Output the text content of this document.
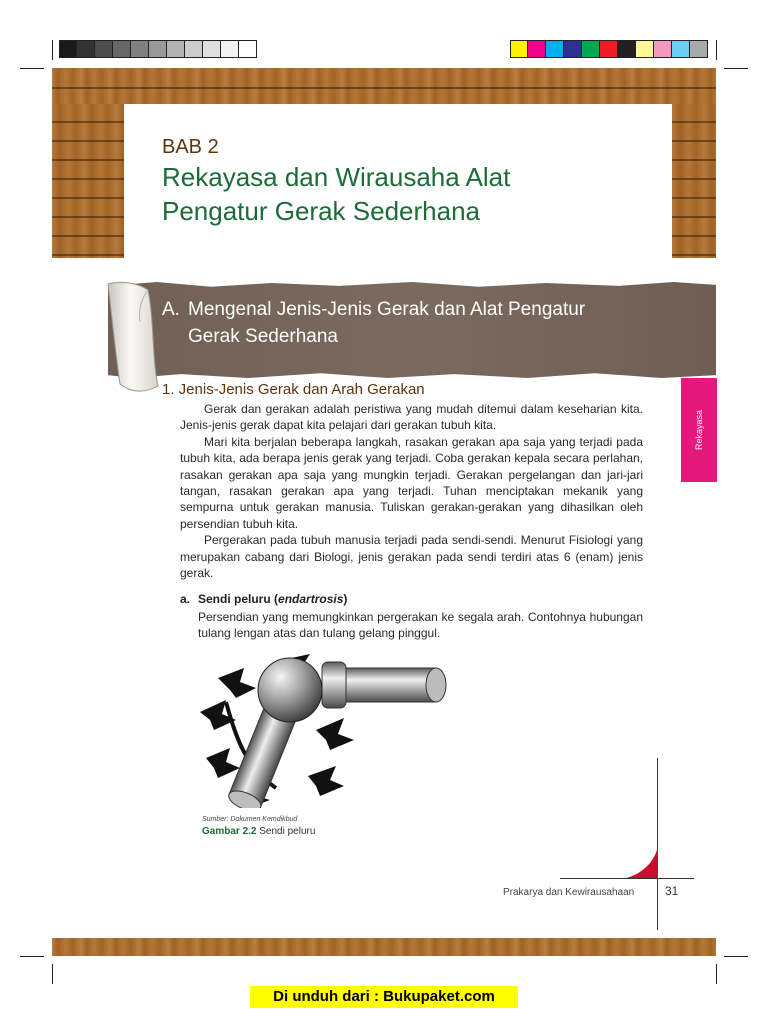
BAB 2
Rekayasa dan Wirausaha Alat
Pengatur Gerak Sederhana
A. Mengenal Jenis-Jenis Gerak dan Alat Pengatur
Gerak Sederhana
Rekayasa
1. Jenis-Jenis Gerak dan Arah Gerakan

Gerak dan gerakan adalah peristiwa yang mudah ditemui dalam keseharian kita. Jenis-jenis gerak dapat kita pelajari dari gerakan tubuh kita.

Mari kita berjalan beberapa langkah, rasakan gerakan apa saja yang terjadi pada tubuh kita, ada berapa jenis gerak yang terjadi. Coba gerakan kepala secara perlahan, rasakan gerakan apa saja yang mungkin terjadi. Gerakan pergelangan dan jari-jari tangan, rasakan gerakan apa yang terjadi. Tuhan menciptakan mekanik yang sempurna untuk gerakan manusia. Tuliskan gerakan-gerakan yang dihasilkan oleh persendian tubuh kita.

Pergerakan pada tubuh manusia terjadi pada sendi-sendi. Menurut Fisiologi yang merupakan cabang dari Biologi, jenis gerakan pada sendi terdiri atas 6 (enam) jenis gerak.

a. Sendi peluru (endartrosis)
Persendian yang memungkinkan pergerakan ke segala arah. Contohnya hubungan tulang lengan atas dan tulang gelang pinggul.
Sumber: Dokumen Kemdikbud
Gambar 2.2 Sendi peluru
Prakarya dan Kewirausahaan	31
Di unduh dari : Bukupaket.com
